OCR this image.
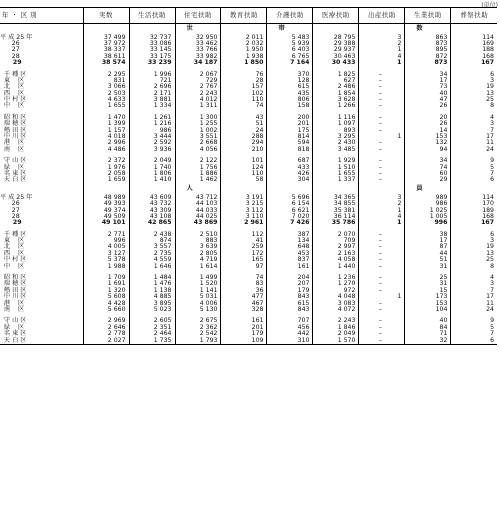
(単位)
年・区別	実数	生活扶助	住宅扶助	教育扶助	介護扶助	医療扶助	出産扶助	生業扶助	葬祭扶助
			世		帯			数	
平 成 25 年	37 499	32 737	32 950	2 011	5 483	28 795	3	863	114
26	37 972	33 086	33 462	2 032	5 939	29 388	2	873	169
27	38 337	33 145	33 766	1 950	6 403	29 937	1	895	188
28	38 611	33 175	33 982	1 938	6 765	30 463	4	872	168
29	38 574	33 239	34 187	1 850	7 164	30 433	1	873	167

千 種 区	2 295	1 996	2 067	76	370	1 825	–	34	6
東    区	831	721	729	28	128	627	–	17	3
北    区	3 066	2 696	2 767	157	615	2 486	–	73	19
西    区	2 503	2 171	2 243	102	435	1 854	–	40	13
中 村 区	4 633	3 881	4 012	110	806	3 628	–	47	25
中    区	1 655	1 334	1 311	74	158	1 266	–	26	8

昭 和 区	1 470	1 261	1 300	43	200	1 116	–	20	4
瑞 穂 区	1 399	1 216	1 255	51	201	1 097	–	26	3
熱 田 区	1 157	986	1 002	24	175	893	–	14	7
中 川 区	4 018	3 444	3 551	288	814	3 295	1	153	17
港    区	2 996	2 592	2 668	294	594	2 430	–	132	11
南    区	4 486	3 936	4 056	210	818	3 485	–	94	24

守 山 区	2 372	2 049	2 122	101	687	1 929	–	34	9
緑    区	1 976	1 740	1 756	124	433	1 510	–	74	5
名 東 区	2 058	1 806	1 886	110	426	1 655	–	60	7
天 白 区	1 659	1 410	1 462	58	304	1 337	–	29	6
			人					員	
平 成 25 年	48 989	43 609	43 712	3 191	5 696	34 365	3	989	114
26	49 393	43 732	44 103	3 215	6 154	34 855	2	986	170
27	49 374	43 309	44 033	3 112	6 621	35 381	1	1 025	189
28	49 509	43 108	44 025	3 110	7 020	36 114	4	1 005	168
29	49 101	42 865	43 869	2 961	7 426	35 786	1	996	167

千 種 区	2 771	2 438	2 510	112	387	2 070	–	38	6
東    区	996	874	883	41	134	709	–	17	3
北    区	4 005	3 557	3 639	259	648	2 997	–	87	19
西    区	3 127	2 735	2 805	172	453	2 163	–	44	13
中 村 区	5 378	4 559	4 719	165	837	4 058	–	51	25
中    区	1 988	1 646	1 614	97	161	1 440	–	31	8

昭 和 区	1 709	1 484	1 499	74	204	1 236	–	25	4
瑞 穂 区	1 691	1 476	1 520	83	207	1 270	–	31	3
熱 田 区	1 320	1 138	1 141	36	179	972	–	15	7
中 川 区	5 608	4 885	5 031	477	843	4 048	1	173	17
港    区	4 428	3 895	4 006	467	615	3 083	–	153	11
南    区	5 660	5 023	5 130	328	843	4 072	–	104	24

守 山 区	2 969	2 605	2 675	161	707	2 243	–	40	9
緑    区	2 646	2 351	2 362	201	456	1 846	–	84	5
名 東 区	2 778	2 464	2 542	179	442	2 049	–	71	7
天 白 区	2 027	1 735	1 793	109	310	1 570	–	32	6
